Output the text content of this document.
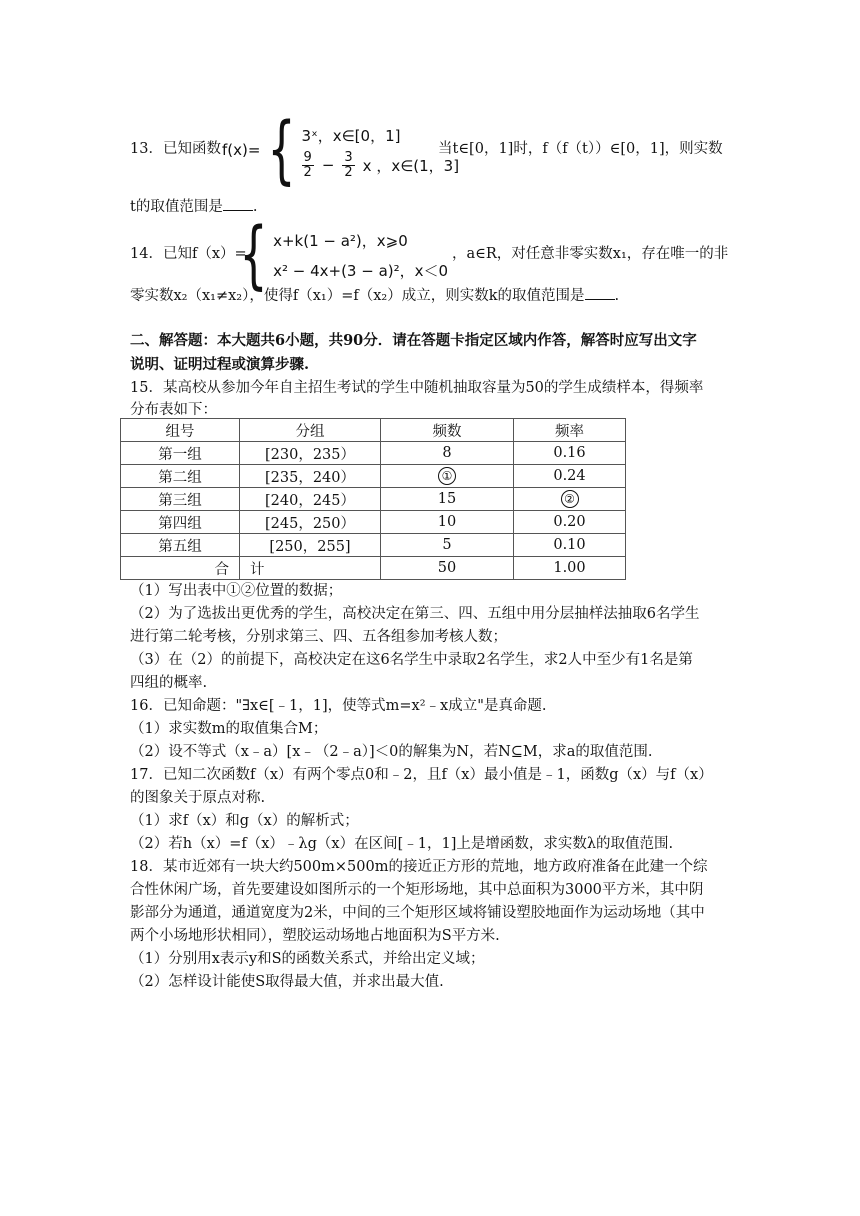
13．已知函数 f(x)= { 3ˣ，x∈[0，1]
$\frac{9}{2} - \frac{3}{2}$ x ，x∈(1，3]
当t∈[0，1]时，f（f（t））∈[0，1]，则实数
t的取值范围是 .
14．已知f（x）=
{ x+k(1 − a²)，x⩾0
x² − 4x+(3 − a)²，x＜0
，a∈R，对任意非零实数x₁，存在唯一的非
零实数x₂（x₁≠x₂），使得f（x₁）=f（x₂）成立，则实数k的取值范围是 .
二、解答题：本大题共6小题，共90分．请在答题卡指定区域内作答，解答时应写出文字
说明、证明过程或演算步骤.
15．某高校从参加今年自主招生考试的学生中随机抽取容量为50的学生成绩样本，得频率
分布表如下：
组号	分组	频数	频率
第一组	[230，235）	8	0.16
第二组	[235，240）	①	0.24
第三组	[240，245）	15	②
第四组	[245，250）	10	0.20
第五组	[250，255]	5	0.10
合	计	50	1.00
（1）写出表中①②位置的数据；
（2）为了选拔出更优秀的学生，高校决定在第三、四、五组中用分层抽样法抽取6名学生
进行第二轮考核，分别求第三、四、五各组参加考核人数；
（3）在（2）的前提下，高校决定在这6名学生中录取2名学生，求2人中至少有1名是第
四组的概率.
16．已知命题："∃x∈[﹣1，1]，使等式m=x²﹣x成立"是真命题.
（1）求实数m的取值集合M；
（2）设不等式（x﹣a）[x﹣（2﹣a）]＜0的解集为N，若N⊆M，求a的取值范围.
17．已知二次函数f（x）有两个零点0和﹣2，且f（x）最小值是﹣1，函数g（x）与f（x）
的图象关于原点对称.
（1）求f（x）和g（x）的解析式；
（2）若h（x）=f（x）﹣λg（x）在区间[﹣1，1]上是增函数，求实数λ的取值范围.
18．某市近郊有一块大约500m×500m的接近正方形的荒地，地方政府准备在此建一个综
合性休闲广场，首先要建设如图所示的一个矩形场地，其中总面积为3000平方米，其中阴
影部分为通道，通道宽度为2米，中间的三个矩形区域将铺设塑胶地面作为运动场地（其中
两个小场地形状相同），塑胶运动场地占地面积为S平方米.
（1）分别用x表示y和S的函数关系式，并给出定义域；
（2）怎样设计能使S取得最大值，并求出最大值.
